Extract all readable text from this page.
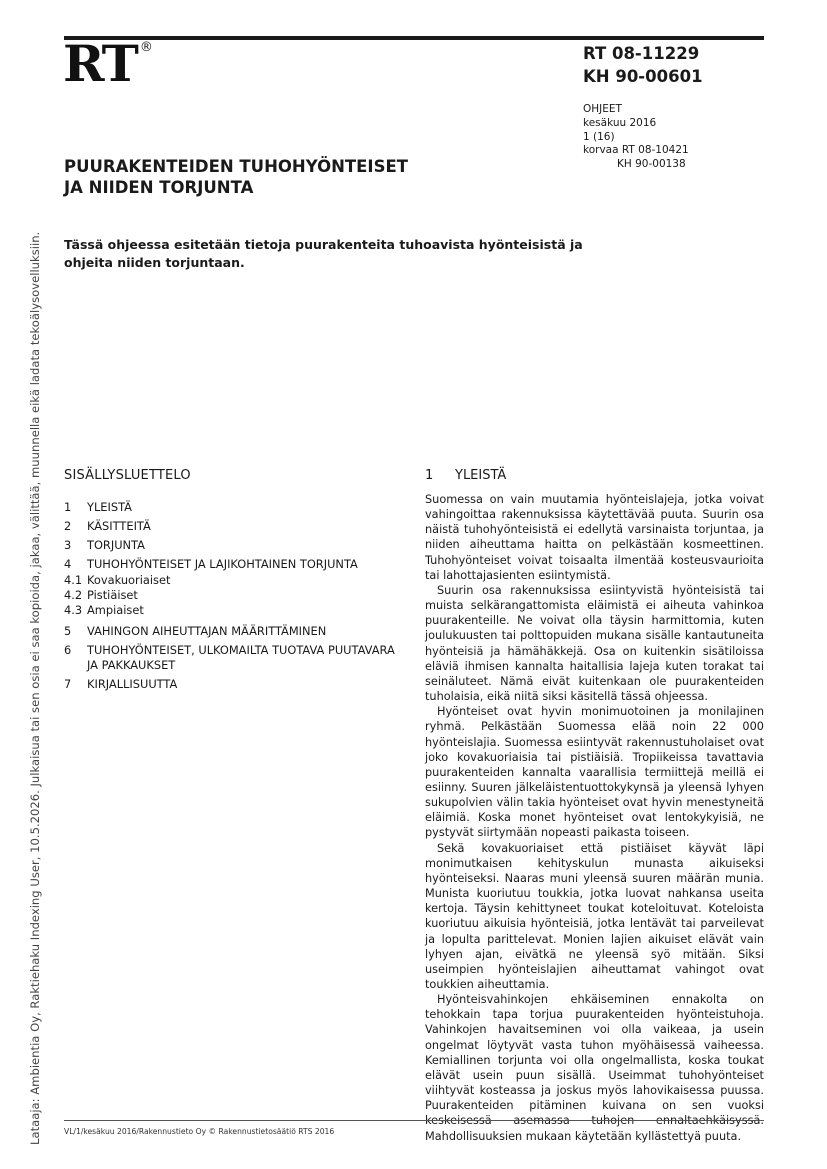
RT ®	RT 08-11229
KH 90-00601
OHJEET
kesäkuu 2016
1 (16)
korvaa RT 08-10421
KH 90-00138
PUURAKENTEIDEN TUHOHYÖNTEISET
JA NIIDEN TORJUNTA

Tässä ohjeessa esitetään tietoja puurakenteita tuhoavista hyönteisistä ja ohjeita niiden torjuntaan.

Lataaja: Ambientia Oy, Raktiehaku Indexing User, 10.5.2026. Julkaisua tai sen osia ei saa kopioida, jakaa, välittää, muunnella eikä ladata tekoälysovelluksiin. SISÄLLYSLUETTELO
1	YLEISTÄ
2	KÄSITTEITÄ
3	TORJUNTA
4	TUHOHYÖNTEISET JA LAJIKOHTAINEN TORJUNTA
4.1 Kovakuoriaiset
4.2 Pistiäiset
4.3 Ampiaiset
5	VAHINGON AIHEUTTAJAN MÄÄRITTÄMINEN
6	TUHOHYÖNTEISET, ULKOMAILTA TUOTAVA PUUTAVARA JA PAKKAUKSET
7	KIRJALLISUUTTA
1	YLEISTÄ

Suomessa on vain muutamia hyönteislajeja, jotka voivat vahingoittaa rakennuksissa käytettävää puuta. Suurin osa näistä tuhohyönteisistä ei edellytä varsinaista torjuntaa, ja niiden aiheuttama haitta on pelkästään kosmeettinen. Tuhohyönteiset voivat toisaalta ilmentää kosteusvaurioita tai lahottajasienten esiintymistä.

Suurin osa rakennuksissa esiintyvistä hyönteisistä tai muista selkärangattomista eläimistä ei aiheuta vahinkoa puurakenteille. Ne voivat olla täysin harmittomia, kuten joulukuusten tai polttopuiden mukana sisälle kantautuneita hyönteisiä ja hämähäkkejä. Osa on kuitenkin sisätiloissa eläviä ihmisen kannalta haitallisia lajeja kuten torakat tai seinäluteet. Nämä eivät kuitenkaan ole puurakenteiden tuholaisia, eikä niitä siksi käsitellä tässä ohjeessa.

Hyönteiset ovat hyvin monimuotoinen ja monilajinen ryhmä. Pelkästään Suomessa elää noin 22 000 hyönteislajia. Suomessa esiintyvät rakennustuholaiset ovat joko kovakuoriaisia tai pistiäisiä. Tropiikeissa tavattavia puurakenteiden kannalta vaarallisia termiittejä meillä ei esiinny. Suuren jälkeläistentuottokykynsä ja yleensä lyhyen sukupolvien välin takia hyönteiset ovat hyvin menestyneitä eläimiä. Koska monet hyönteiset ovat lentokykyisiä, ne pystyvät siirtymään nopeasti paikasta toiseen.

Sekä kovakuoriaiset että pistiäiset käyvät läpi monimutkaisen kehityskulun munasta aikuiseksi hyönteiseksi. Naaras muni yleensä suuren määrän munia. Munista kuoriutuu toukkia, jotka luovat nahkansa useita kertoja. Täysin kehittyneet toukat koteloituvat. Koteloista kuoriutuu aikuisia hyönteisiä, jotka lentävät tai parveilevat ja lopulta parittelevat. Monien lajien aikuiset elävät vain lyhyen ajan, eivätkä ne yleensä syö mitään. Siksi useimpien hyönteislajien aiheuttamat vahingot ovat toukkien aiheuttamia.

Hyönteisvahinkojen ehkäiseminen ennakolta on tehokkain tapa torjua puurakenteiden hyönteistuhoja. Vahinkojen havaitseminen voi olla vaikeaa, ja usein ongelmat löytyvät vasta tuhon myöhäisessä vaiheessa. Kemiallinen torjunta voi olla ongelmallista, koska toukat elävät usein puun sisällä. Useimmat tuhohyönteiset viihtyvät kosteassa ja joskus myös lahovikaisessa puussa. Puurakenteiden pitäminen kuivana on sen vuoksi Mahdollisuuksien mukaan käytetään kyllästettyä puuta.

VL/1/kesäkuu 2016/Rakennustieto Oy © Rakennustietosäätiö RTS 2016
